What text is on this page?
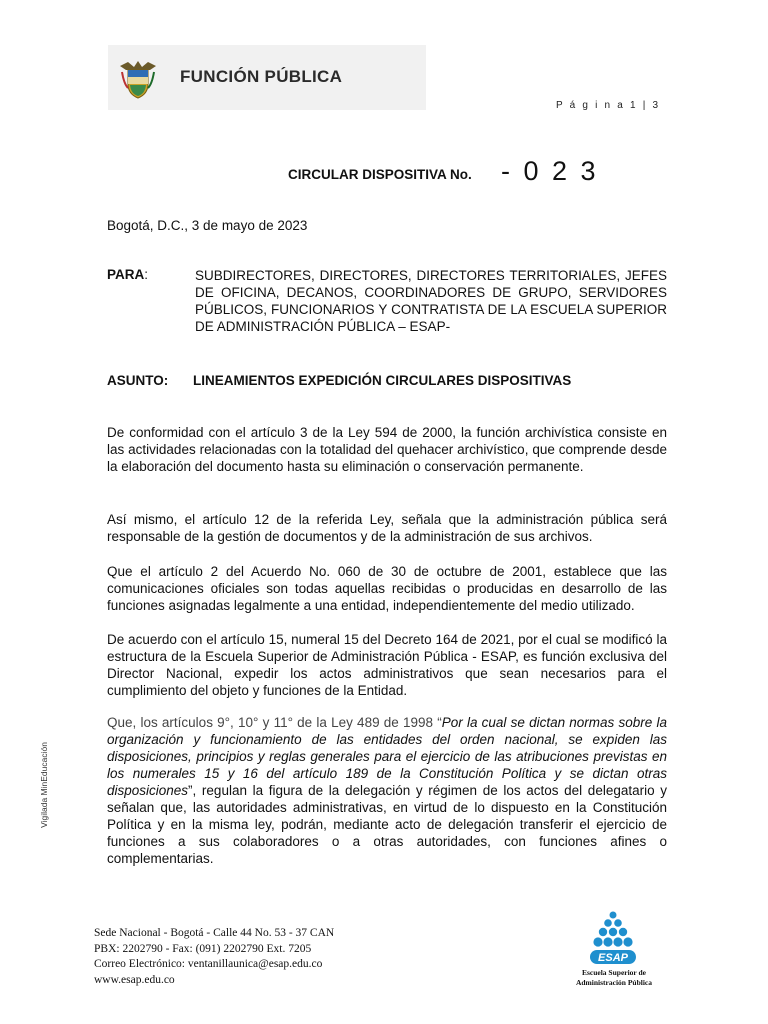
FUNCIÓN PÚBLICA
P á g i n a 1 | 3
CIRCULAR DISPOSITIVA No. - 0 2 3
Bogotá, D.C., 3 de mayo de 2023
PARA:	SUBDIRECTORES, DIRECTORES, DIRECTORES TERRITORIALES, JEFES DE OFICINA, DECANOS, COORDINADORES DE GRUPO, SERVIDORES PÚBLICOS, FUNCIONARIOS Y CONTRATISTA DE LA ESCUELA SUPERIOR DE ADMINISTRACIÓN PÚBLICA – ESAP-
ASUNTO: LINEAMIENTOS EXPEDICIÓN CIRCULARES DISPOSITIVAS
De conformidad con el artículo 3 de la Ley 594 de 2000, la función archivística consiste en las actividades relacionadas con la totalidad del quehacer archivístico, que comprende desde la elaboración del documento hasta su eliminación o conservación permanente.
Así mismo, el artículo 12 de la referida Ley, señala que la administración pública será responsable de la gestión de documentos y de la administración de sus archivos.
Que el artículo 2 del Acuerdo No. 060 de 30 de octubre de 2001, establece que las comunicaciones oficiales son todas aquellas recibidas o producidas en desarrollo de las funciones asignadas legalmente a una entidad, independientemente del medio utilizado.
De acuerdo con el artículo 15, numeral 15 del Decreto 164 de 2021, por el cual se modificó la estructura de la Escuela Superior de Administración Pública - ESAP, es función exclusiva del Director Nacional, expedir los actos administrativos que sean necesarios para el cumplimiento del objeto y funciones de la Entidad.
Que, los artículos 9°, 10° y 11° de la Ley 489 de 1998 “Por la cual se dictan normas sobre la organización y funcionamiento de las entidades del orden nacional, se expiden las disposiciones, principios y reglas generales para el ejercicio de las atribuciones previstas en los numerales 15 y 16 del artículo 189 de la Constitución Política y se dictan otras disposiciones”, regulan la figura de la delegación y régimen de los actos del delegatario y señalan que, las autoridades administrativas, en virtud de lo dispuesto en la Constitución Política y en la misma ley, podrán, mediante acto de delegación transferir el ejercicio de funciones a sus colaboradores o a otras autoridades, con funciones afines o complementarias.
Vigilada MinEducación
Sede Nacional - Bogotá - Calle 44 No. 53 - 37 CAN
PBX: 2202790 - Fax: (091) 2202790 Ext. 7205
Correo Electrónico: ventanillaunica@esap.edu.co
www.esap.edu.co
ESAP
Escuela Superior de
Administración Pública
